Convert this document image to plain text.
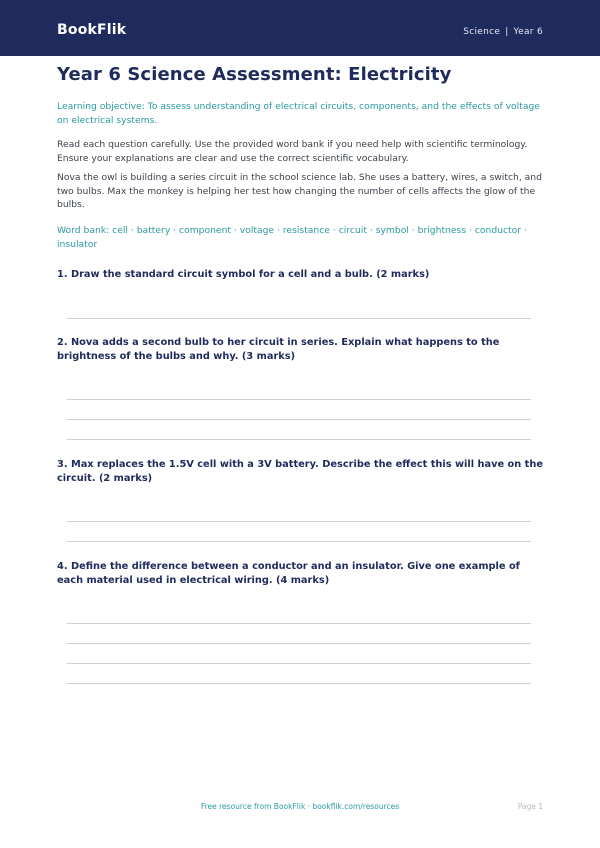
BookFlik	Science | Year 6
Year 6 Science Assessment: Electricity

Learning objective: To assess understanding of electrical circuits, components, and the effects of voltage on electrical systems.

Read each question carefully. Use the provided word bank if you need help with scientific terminology. Ensure your explanations are clear and use the correct scientific vocabulary.

Nova the owl is building a series circuit in the school science lab. She uses a battery, wires, a switch, and two bulbs. Max the monkey is helping her test how changing the number of cells affects the glow of the bulbs.

Word bank: cell · battery · component · voltage · resistance · circuit · symbol · brightness · conductor · insulator

1. Draw the standard circuit symbol for a cell and a bulb. (2 marks)

2. Nova adds a second bulb to her circuit in series. Explain what happens to the brightness of the bulbs and why. (3 marks)

3. Max replaces the 1.5V cell with a 3V battery. Describe the effect this will have on the circuit. (2 marks)

4. Define the difference between a conductor and an insulator. Give one example of each material used in electrical wiring. (4 marks)

Free resource from BookFlik · bookflik.com/resources	Page 1
